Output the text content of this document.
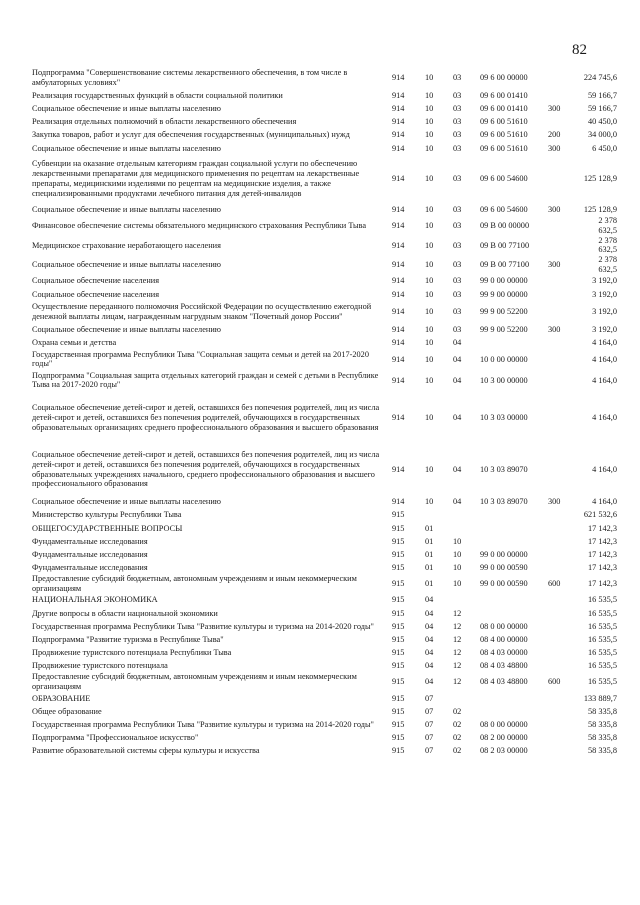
82
Подпрограмма "Совершенствование системы лекарственного обеспечения, в том числе в амбулаторных условиях"	914	10	03	09 6 00 00000		224 745,6
Реализация государственных функций в области социальной политики	914	10	03	09 6 00 01410		59 166,7
Социальное обеспечение и иные выплаты населению	914	10	03	09 6 00 01410	300	59 166,7
Реализация отдельных полномочий в области лекарственного обеспечения	914	10	03	09 6 00 51610		40 450,0
Закупка товаров, работ и услуг для обеспечения государственных (муниципальных) нужд	914	10	03	09 6 00 51610	200	34 000,0
Социальное обеспечение и иные выплаты населению	914	10	03	09 6 00 51610	300	6 450,0
Субвенции на оказание отдельным категориям граждан социальной услуги по обеспечению лекарственными препаратами для медицинского применения по рецептам на лекарственные препараты, медицинскими изделиями по рецептам на медицинские изделия, а также специализированными продуктами лечебного питания для детей-инвалидов	914	10	03	09 6 00 54600		125 128,9
Социальное обеспечение и иные выплаты населению	914	10	03	09 6 00 54600	300	125 128,9
Финансовое обеспечение системы обязательного медицинского страхования Республики Тыва	914	10	03	09 В 00 00000		2 378 632,5
Медицинское страхование неработающего населения	914	10	03	09 В 00 77100		2 378 632,5
Социальное обеспечение и иные выплаты населению	914	10	03	09 В 00 77100	300	2 378 632,5
Социальное обеспечение населения	914	10	03	99 0 00 00000		3 192,0
Социальное обеспечение населения	914	10	03	99 9 00 00000		3 192,0
Осуществление переданного полномочия Российской Федерации по осуществлению ежегодной денежной выплаты лицам, награжденным нагрудным знаком "Почетный донор России"	914	10	03	99 9 00 52200		3 192,0
Социальное обеспечение и иные выплаты населению	914	10	03	99 9 00 52200	300	3 192,0
Охрана семьи и детства	914	10	04			4 164,0
Государственная программа Республики Тыва "Социальная защита семьи и детей на 2017-2020 годы"	914	10	04	10 0 00 00000		4 164,0
Подпрограмма "Социальная защита отдельных категорий граждан и семей с детьми в Республике Тыва на 2017-2020 годы"	914	10	04	10 3 00 00000		4 164,0
Социальное обеспечение детей-сирот и детей, оставшихся без попечения родителей, лиц из числа детей-сирот и детей, оставшихся без попечения родителей, обучающихся в государственных образовательных организациях среднего профессионального образования и высшего образования	914	10	04	10 3 03 00000		4 164,0
Социальное обеспечение детей-сирот и детей, оставшихся без попечения родителей, лиц из числа детей-сирот и детей, оставшихся без попечения родителей, обучающихся в государственных образовательных учреждениях начального, среднего профессионального образования и высшего профессионального образования	914	10	04	10 3 03 89070		4 164,0
Социальное обеспечение и иные выплаты населению	914	10	04	10 3 03 89070	300	4 164,0
Министерство культуры Республики Тыва	915					621 532,6
ОБЩЕГОСУДАРСТВЕННЫЕ ВОПРОСЫ	915	01				17 142,3
Фундаментальные исследования	915	01	10			17 142,3
Фундаментальные исследования	915	01	10	99 0 00 00000		17 142,3
Фундаментальные исследования	915	01	10	99 0 00 00590		17 142,3
Предоставление субсидий бюджетным, автономным учреждениям и иным некоммерческим организациям	915	01	10	99 0 00 00590	600	17 142,3
НАЦИОНАЛЬНАЯ ЭКОНОМИКА	915	04				16 535,5
Другие вопросы в области национальной экономики	915	04	12			16 535,5
Государственная программа Республики Тыва "Развитие культуры и туризма на 2014-2020 годы"	915	04	12	08 0 00 00000		16 535,5
Подпрограмма "Развитие туризма в Республике Тыва"	915	04	12	08 4 00 00000		16 535,5
Продвижение туристского потенциала Республики Тыва	915	04	12	08 4 03 00000		16 535,5
Продвижение туристского потенциала	915	04	12	08 4 03 48800		16 535,5
Предоставление субсидий бюджетным, автономным учреждениям и иным некоммерческим организациям	915	04	12	08 4 03 48800	600	16 535,5
ОБРАЗОВАНИЕ	915	07				133 889,7
Общее образование	915	07	02			58 335,8
Государственная программа Республики Тыва "Развитие культуры и туризма на 2014-2020 годы"	915	07	02	08 0 00 00000		58 335,8
Подпрограмма "Профессиональное искусство"	915	07	02	08 2 00 00000		58 335,8
Развитие образовательной системы сферы культуры и искусства	915	07	02	08 2 03 00000		58 335,8
